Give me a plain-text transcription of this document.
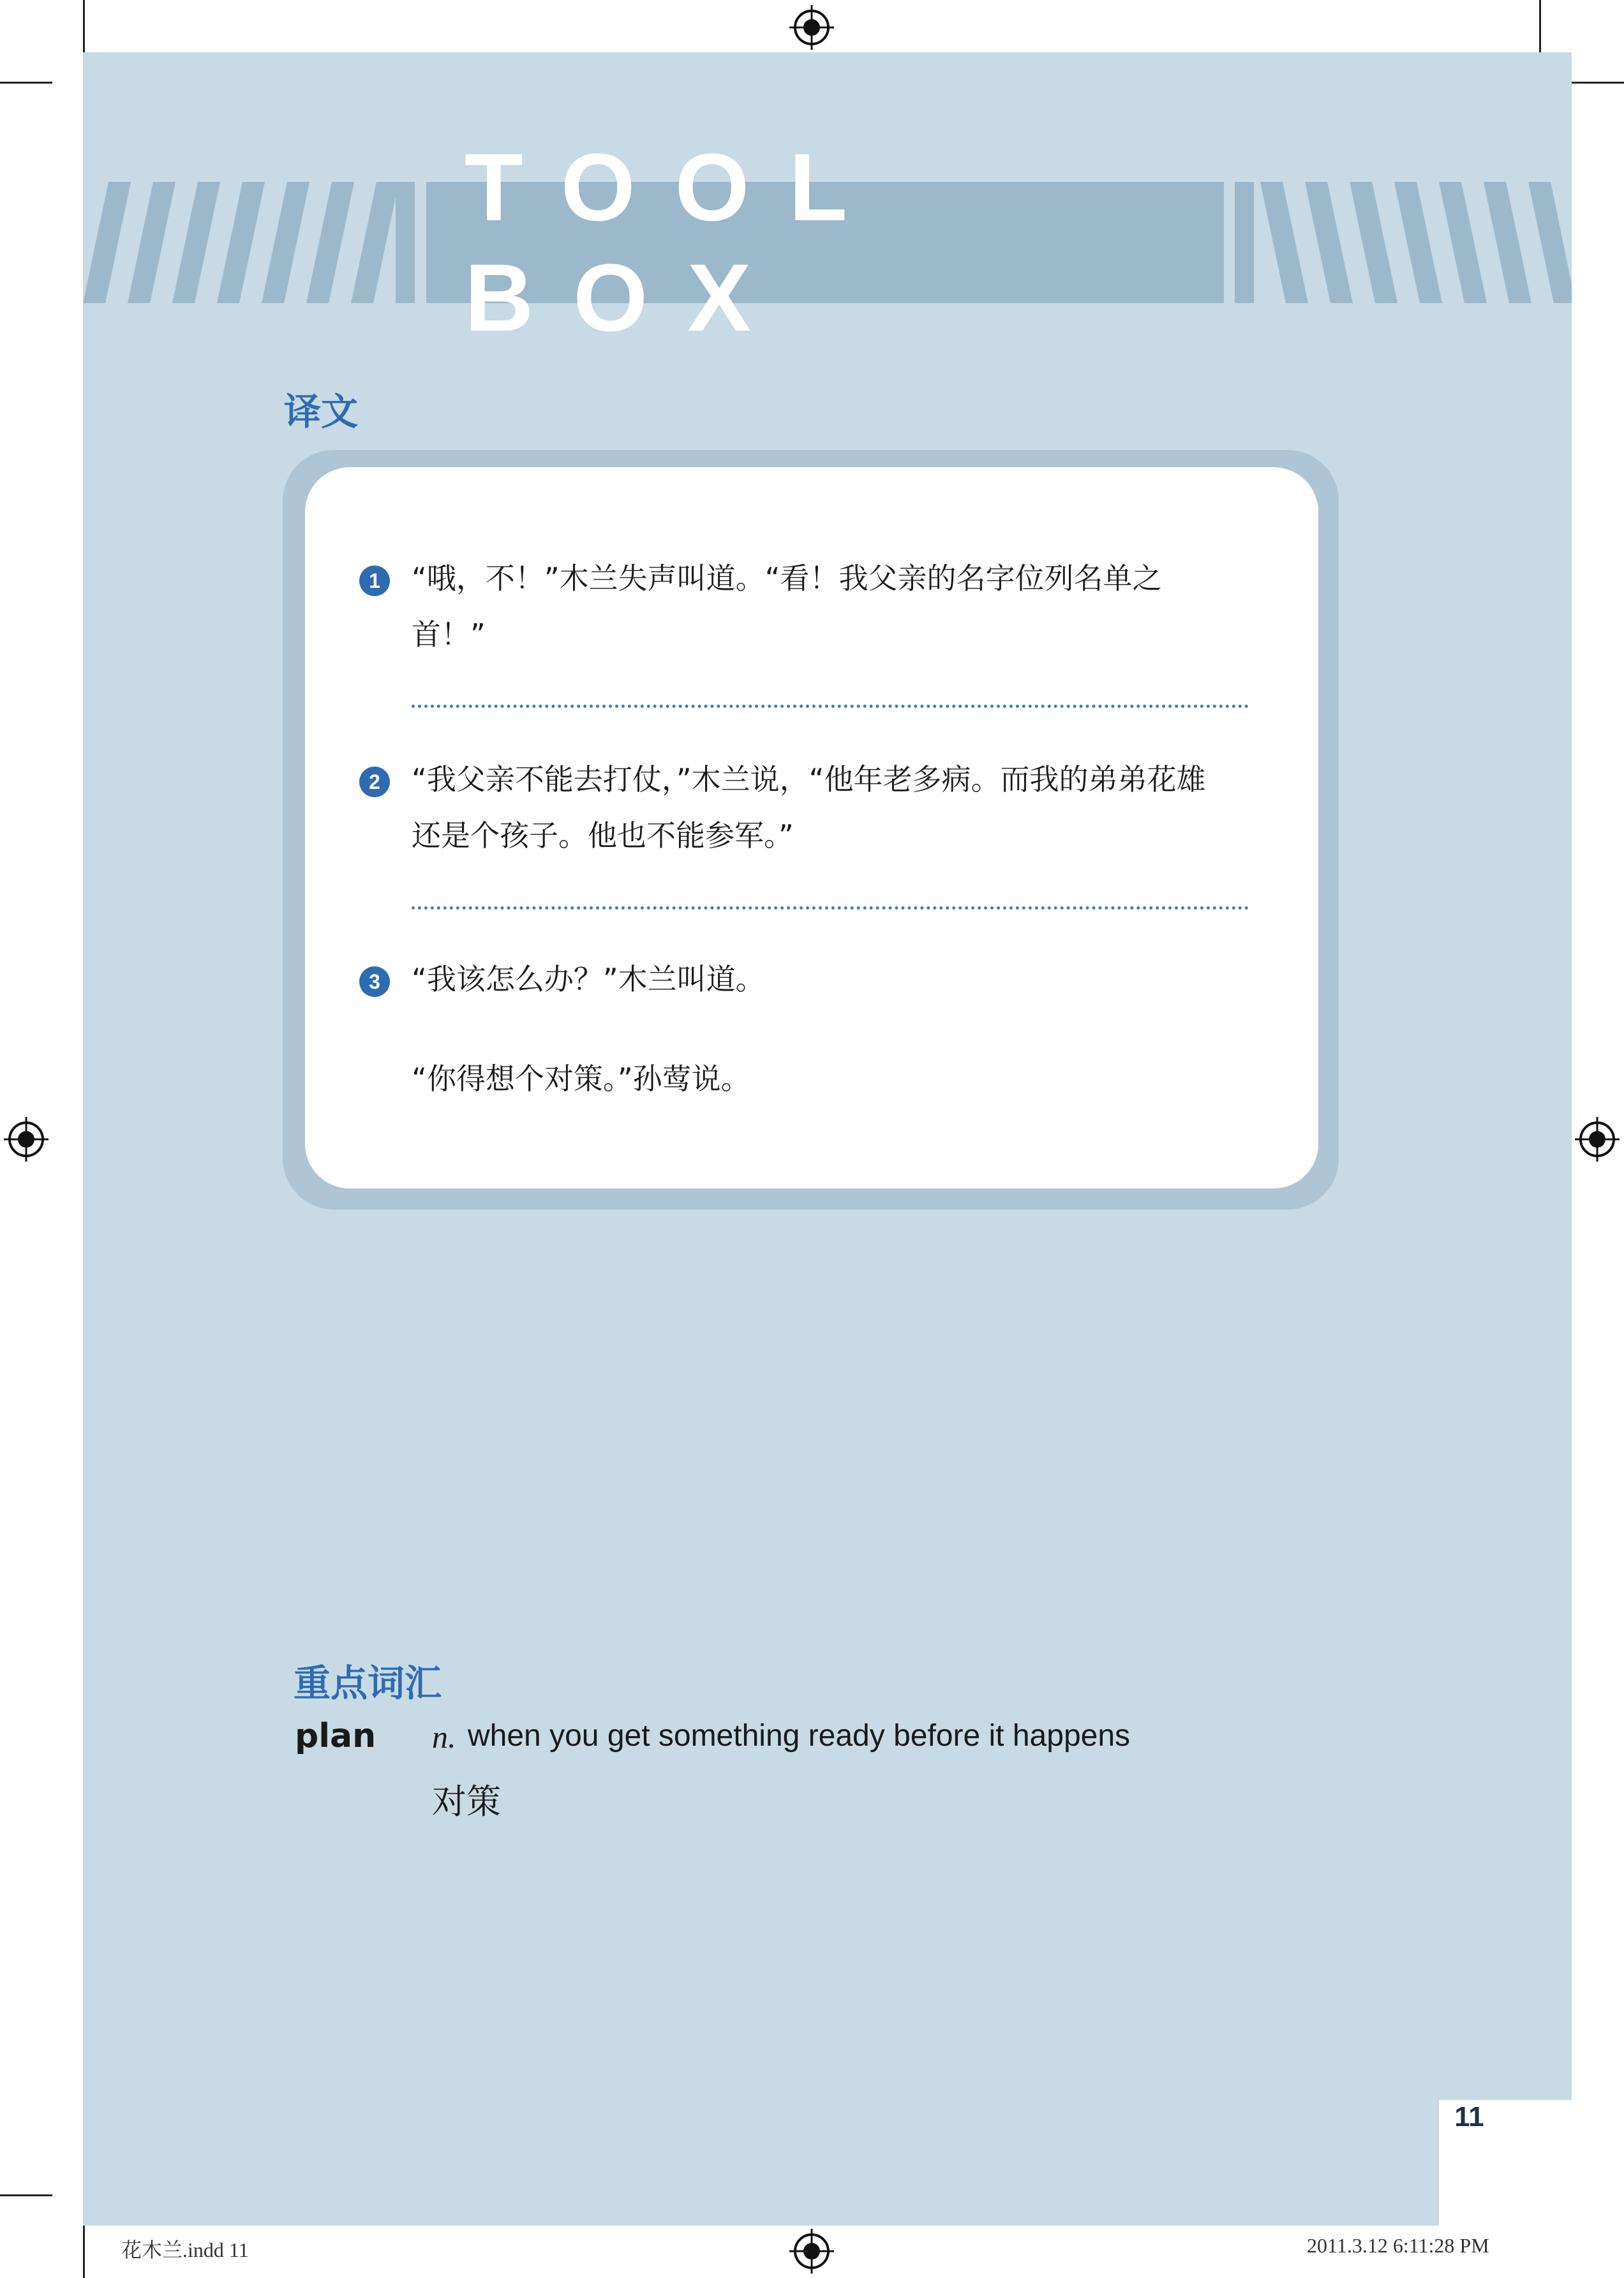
TOOL BOX
译文
1	“哦，不！”木兰失声叫道。“看！我父亲的名字位列名单之
首！”
2	“我父亲不能去打仗，”木兰说，“他年老多病。而我的弟弟花雄
还是个孩子。他也不能参军。”
3	“我该怎么办？”木兰叫道。
“你得想个对策。”孙莺说。
重点词汇
plan n. when you get something ready before it happens
对策
11
花木兰.indd 11	2011.3.12 6:11:28 PM
